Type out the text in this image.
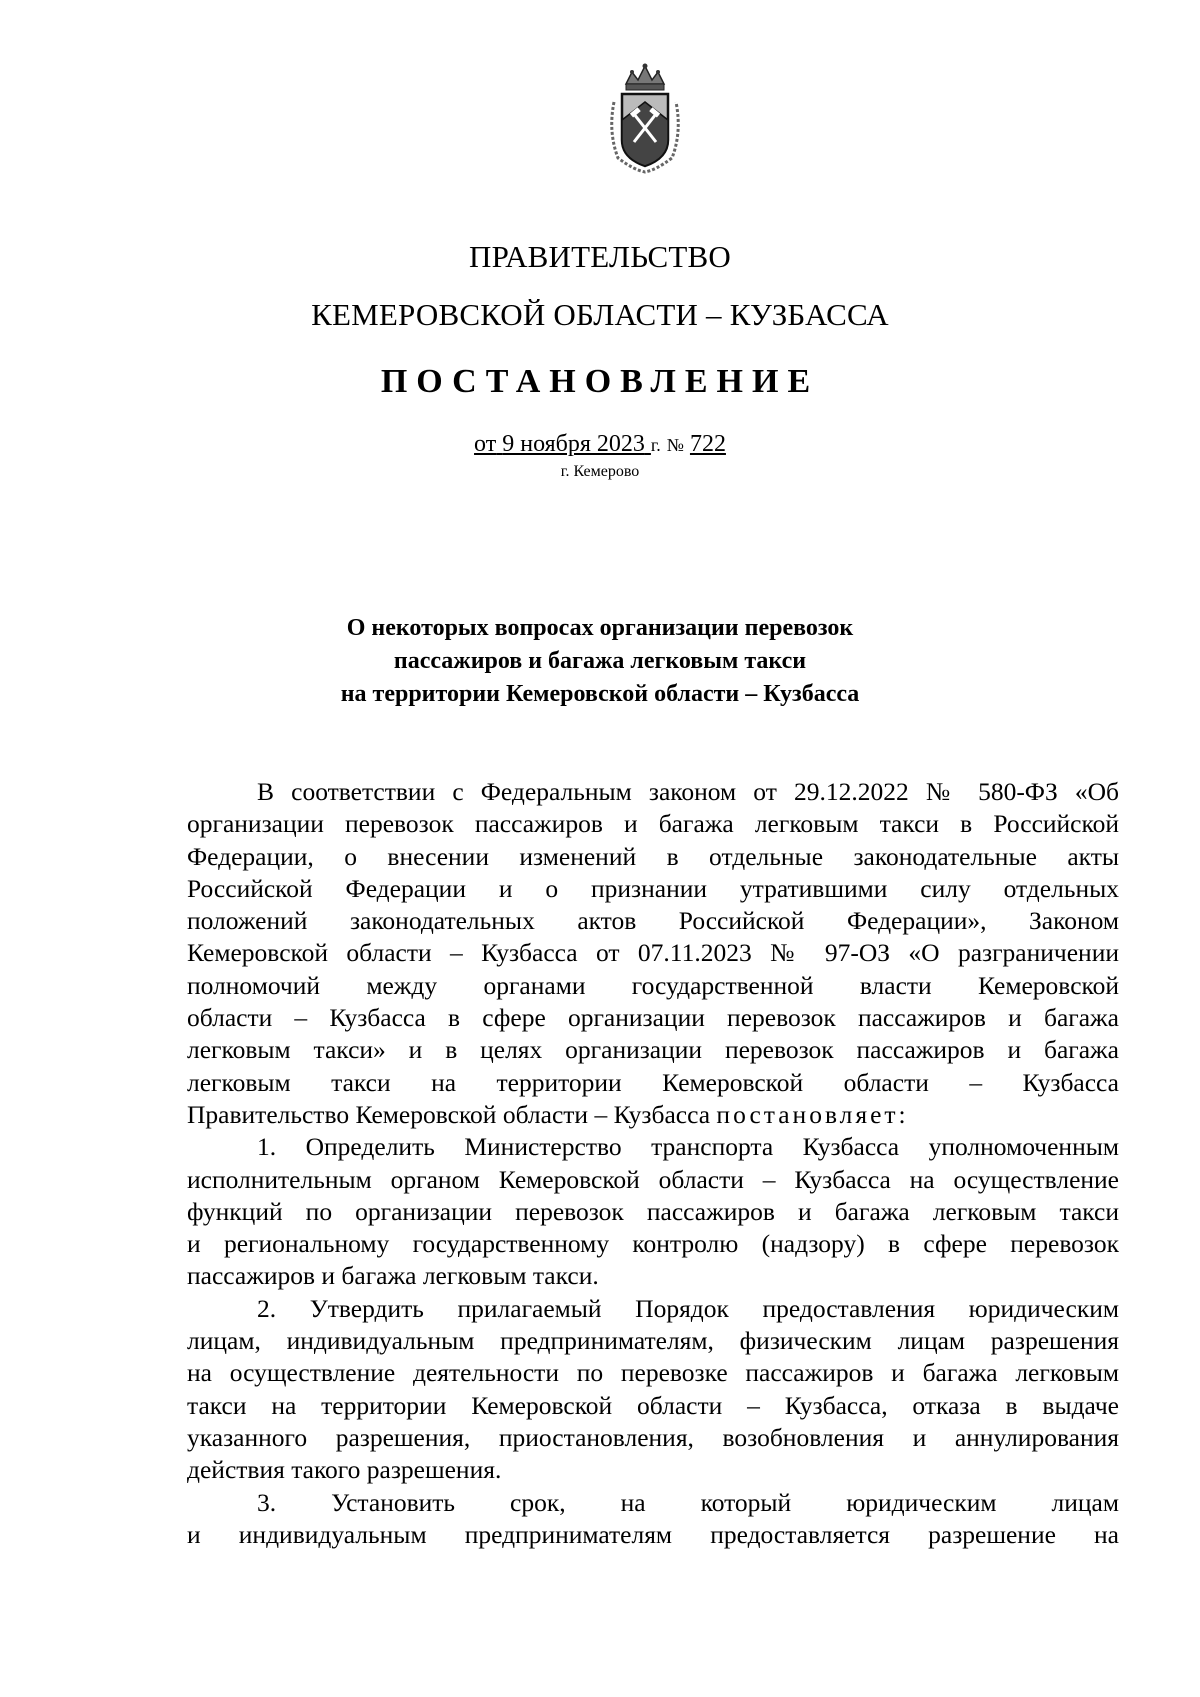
ПРАВИТЕЛЬСТВО
КЕМЕРОВСКОЙ ОБЛАСТИ – КУЗБАССА
ПОСТАНОВЛЕНИЕ
от 9 ноября 2023 г. № 722
г. Кемерово
О некоторых вопросах организации перевозок
пассажиров и багажа легковым такси
на территории Кемеровской области – Кузбасса
В соответствии с Федеральным законом от 29.12.2022 № 580-ФЗ «Об
организации перевозок пассажиров и багажа легковым такси в Российской
Федерации, о внесении изменений в отдельные законодательные акты
Российской Федерации и о признании утратившими силу отдельных
положений законодательных актов Российской Федерации», Законом
Кемеровской области – Кузбасса от 07.11.2023 № 97-ОЗ «О разграничении
полномочий между органами государственной власти Кемеровской
области – Кузбасса в сфере организации перевозок пассажиров и багажа
легковым такси» и в целях организации перевозок пассажиров и багажа
легковым такси на территории Кемеровской области – Кузбасса
Правительство Кемеровской области – Кузбасса постановляет:
1. Определить Министерство транспорта Кузбасса уполномоченным
исполнительным органом Кемеровской области – Кузбасса на осуществление
функций по организации перевозок пассажиров и багажа легковым такси
и региональному государственному контролю (надзору) в сфере перевозок
пассажиров и багажа легковым такси.
2. Утвердить прилагаемый Порядок предоставления юридическим
лицам, индивидуальным предпринимателям, физическим лицам разрешения
на осуществление деятельности по перевозке пассажиров и багажа легковым
такси на территории Кемеровской области – Кузбасса, отказа в выдаче
указанного разрешения, приостановления, возобновления и аннулирования
действия такого разрешения.
3. Установить срок, на который юридическим лицам
и индивидуальным предпринимателям предоставляется разрешение на
